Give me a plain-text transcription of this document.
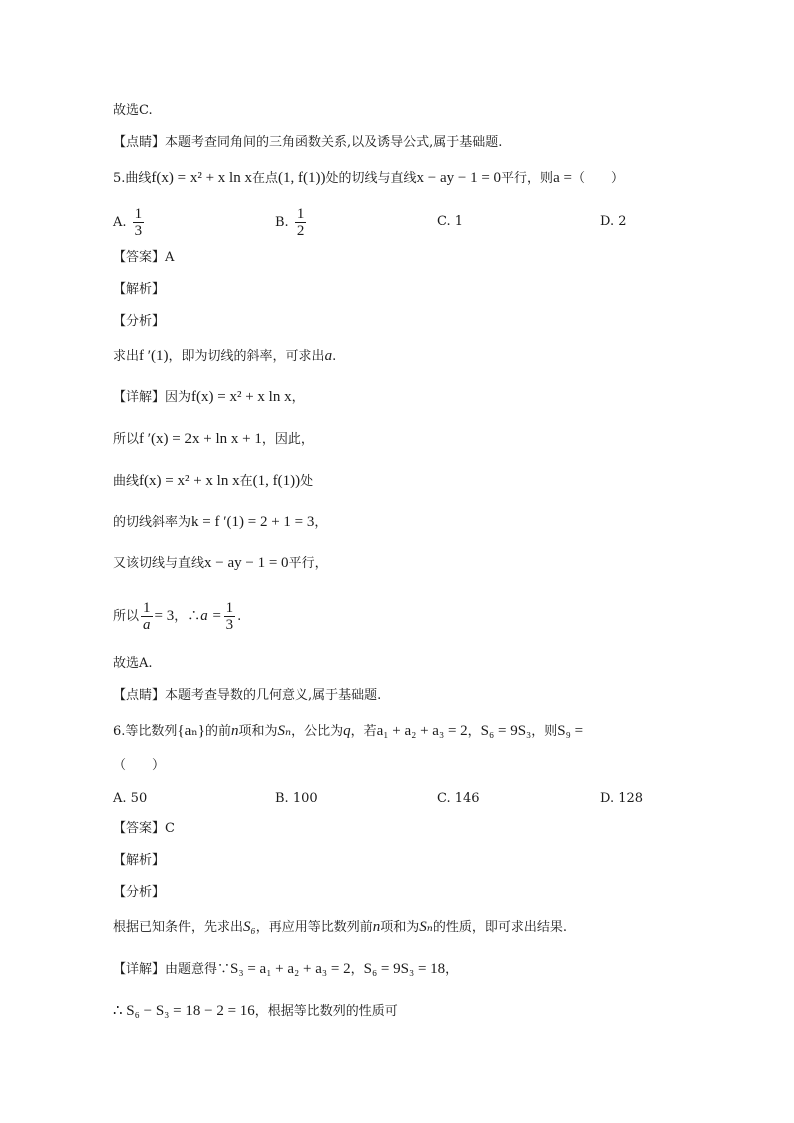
故选C.
【点睛】本题考查同角间的三角函数关系,以及诱导公式,属于基础题.
5.曲线f(x) = x² + x ln x在点(1, f(1))处的切线与直线x − ay − 1 = 0平行，则a =（　　）
A. $\frac{1}{3}$	B. $\frac{1}{2}$	C. 1	D. 2
【答案】A
【解析】
【分析】
求出f ′(1)，即为切线的斜率，可求出a.
【详解】因为f(x) = x² + x ln x，
所以f ′(x) = 2x + ln x + 1，因此，
曲线f(x) = x² + x ln x在(1, f(1))处
的切线斜率为k = f ′(1) = 2 + 1 = 3，
又该切线与直线x − ay − 1 = 0平行，
所以 $\frac{1}{a} = 3$，∴a = $\frac{1}{3}$ .
故选A.
【点睛】本题考查导数的几何意义,属于基础题.
6.等比数列{aₙ}的前n项和为Sₙ，公比为q，若a₁ + a₂ + a₃ = 2，S₆ = 9S₃，则S₉ =
（　　）
A. 50	B. 100	C. 146	D. 128
【答案】C
【解析】
【分析】
根据已知条件，先求出S₆，再应用等比数列前n项和为Sₙ的性质，即可求出结果.
【详解】由题意得∵S₃ = a₁ + a₂ + a₃ = 2，S₆ = 9S₃ = 18，
∴ S₆ − S₃ = 18 − 2 = 16，根据等比数列的性质可
